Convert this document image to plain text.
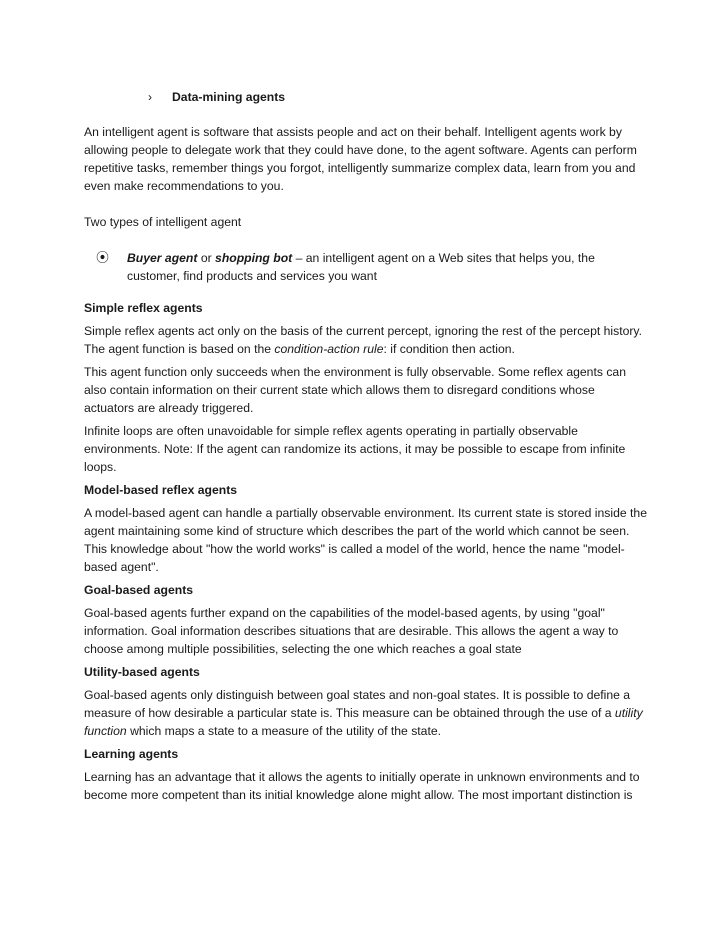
›	Data-mining agents

An intelligent agent is software that assists people and act on their behalf. Intelligent agents work by allowing people to delegate work that they could have done, to the agent software. Agents can perform repetitive tasks, remember things you forgot, intelligently summarize complex data, learn from you and even make recommendations to you.

Two types of intelligent agent

⦿	Buyer agent or shopping bot – an intelligent agent on a Web sites that helps you, the customer, find products and services you want

Simple reflex agents

Simple reflex agents act only on the basis of the current percept, ignoring the rest of the percept history. The agent function is based on the condition-action rule: if condition then action.

This agent function only succeeds when the environment is fully observable. Some reflex agents can also contain information on their current state which allows them to disregard conditions whose actuators are already triggered.

Infinite loops are often unavoidable for simple reflex agents operating in partially observable environments. Note: If the agent can randomize its actions, it may be possible to escape from infinite loops.

Model-based reflex agents

A model-based agent can handle a partially observable environment. Its current state is stored inside the agent maintaining some kind of structure which describes the part of the world which cannot be seen. This knowledge about "how the world works" is called a model of the world, hence the name "model-based agent".

Goal-based agents

Goal-based agents further expand on the capabilities of the model-based agents, by using "goal" information. Goal information describes situations that are desirable. This allows the agent a way to choose among multiple possibilities, selecting the one which reaches a goal state

Utility-based agents

Goal-based agents only distinguish between goal states and non-goal states. It is possible to define a measure of how desirable a particular state is. This measure can be obtained through the use of a utility function which maps a state to a measure of the utility of the state.

Learning agents

Learning has an advantage that it allows the agents to initially operate in unknown environments and to become more competent than its initial knowledge alone might allow. The most important distinction is
